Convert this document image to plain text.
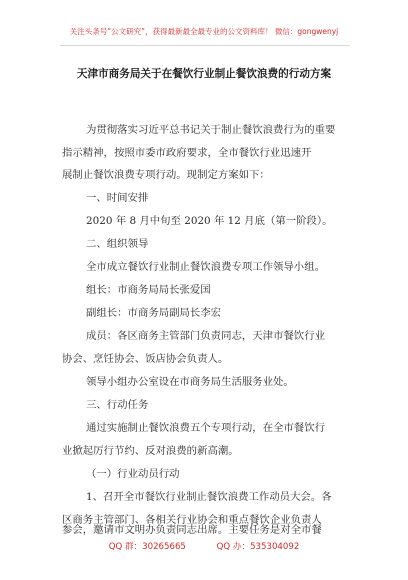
关注头条号“公文研究”，获得最新最全最专业的公文资料库！ 微信：gongwenyj
天津市商务局关于在餐饮行业制止餐饮浪费的行动方案
为贯彻落实习近平总书记关于制止餐饮浪费行为的重要
指示精神，按照市委市政府要求，全市餐饮行业迅速开
展制止餐饮浪费专项行动。现制定方案如下：
一、时间安排
2020 年 8 月中旬至 2020 年 12 月底（第一阶段）。
二、组织领导
全市成立餐饮行业制止餐饮浪费专项工作领导小组。
组长：市商务局局长张爱国
副组长：市商务局副局长李宏
成员：各区商务主管部门负责同志，天津市餐饮行业
协会、烹饪协会、饭店协会负责人。
领导小组办公室设在市商务局生活服务业处。
三、行动任务
通过实施制止餐饮浪费五个专项行动，在全市餐饮行
业掀起厉行节约、反对浪费的新高潮。
（一）行业动员行动
1、召开全市餐饮行业制止餐饮浪费工作动员大会。各
区商务主管部门、各相关行业协会和重点餐饮企业负责人
参会，邀请市文明办负责同志出席。主要任务是对全市餐
QQ 群：30265665	QQ 办：535304092
